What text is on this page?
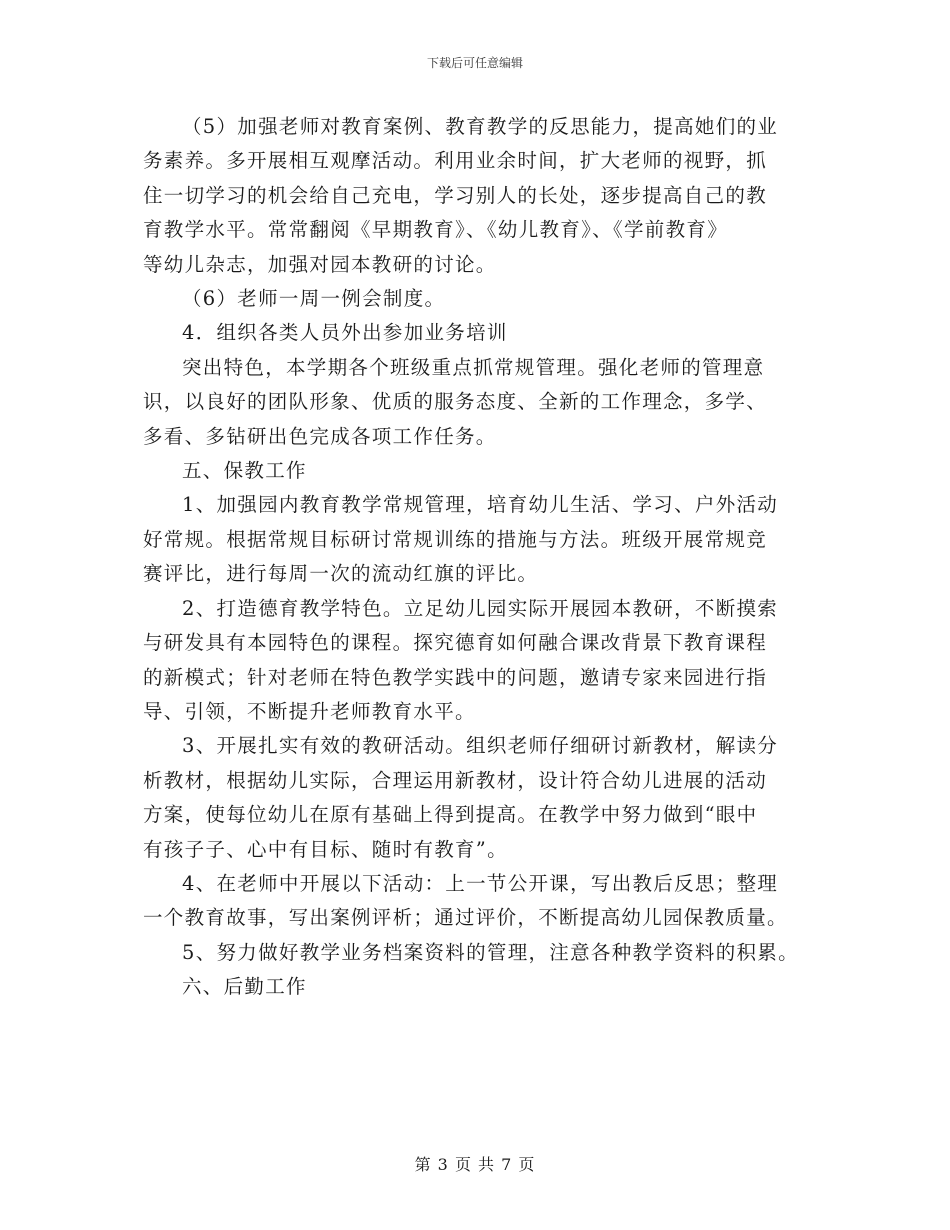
下载后可任意编辑

（5）加强老师对教育案例、教育教学的反思能力，提高她们的业
务素养。多开展相互观摩活动。利用业余时间，扩大老师的视野，抓
住一切学习的机会给自己充电，学习别人的长处，逐步提高自己的教
育教学水平。常常翻阅《早期教育》、《幼儿教育》、《学前教育》
等幼儿杂志，加强对园本教研的讨论。

（6）老师一周一例会制度。

4．组织各类人员外出参加业务培训

突出特色，本学期各个班级重点抓常规管理。强化老师的管理意
识，以良好的团队形象、优质的服务态度、全新的工作理念，多学、
多看、多钻研出色完成各项工作任务。

五、保教工作

1、加强园内教育教学常规管理，培育幼儿生活、学习、户外活动
好常规。根据常规目标研讨常规训练的措施与方法。班级开展常规竞
赛评比，进行每周一次的流动红旗的评比。

2、打造德育教学特色。立足幼儿园实际开展园本教研，不断摸索
与研发具有本园特色的课程。探究德育如何融合课改背景下教育课程
的新模式；针对老师在特色教学实践中的问题，邀请专家来园进行指
导、引领，不断提升老师教育水平。

3、开展扎实有效的教研活动。组织老师仔细研讨新教材，解读分
析教材，根据幼儿实际，合理运用新教材，设计符合幼儿进展的活动
方案，使每位幼儿在原有基础上得到提高。在教学中努力做到“眼中
有孩子子、心中有目标、随时有教育”。

4、在老师中开展以下活动：上一节公开课，写出教后反思；整理
一个教育故事，写出案例评析；通过评价，不断提高幼儿园保教质量。

5、努力做好教学业务档案资料的管理，注意各种教学资料的积累。

六、后勤工作

第 3 页 共 7 页
